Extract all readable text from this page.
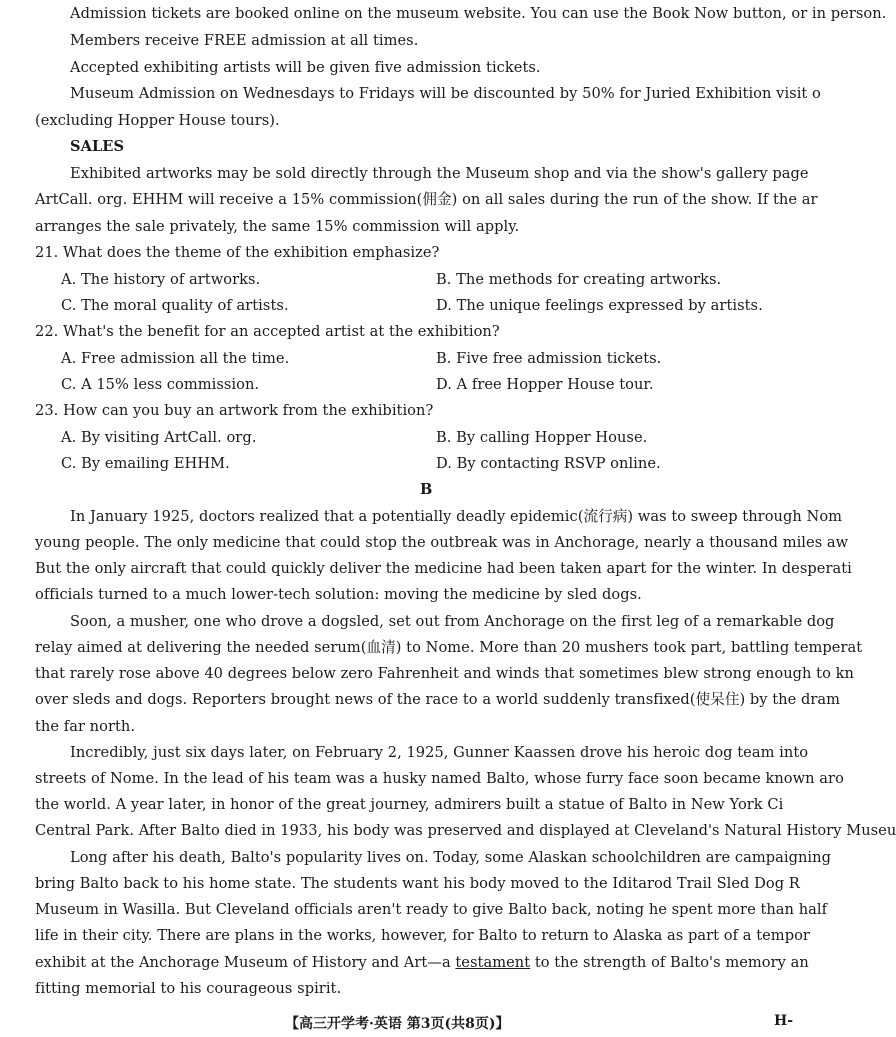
Admission tickets are booked online on the museum website. You can use the Book Now button, or in person.
Members receive FREE admission at all times.
Accepted exhibiting artists will be given five admission tickets.
Museum Admission on Wednesdays to Fridays will be discounted by 50% for Juried Exhibition visit o
(excluding Hopper House tours).
SALES
Exhibited artworks may be sold directly through the Museum shop and via the show's gallery page
ArtCall. org. EHHM will receive a 15% commission(佣金) on all sales during the run of the show. If the ar
arranges the sale privately, the same 15% commission will apply.
21. What does the theme of the exhibition emphasize?
A. The history of artworks.	B. The methods for creating artworks.
C. The moral quality of artists.	D. The unique feelings expressed by artists.
22. What's the benefit for an accepted artist at the exhibition?
A. Free admission all the time.	B. Five free admission tickets.
C. A 15% less commission.	D. A free Hopper House tour.
23. How can you buy an artwork from the exhibition?
A. By visiting ArtCall. org.	B. By calling Hopper House.
C. By emailing EHHM.	D. By contacting RSVP online.
B
In January 1925, doctors realized that a potentially deadly epidemic(流行病) was to sweep through Nom
young people. The only medicine that could stop the outbreak was in Anchorage, nearly a thousand miles aw
But the only aircraft that could quickly deliver the medicine had been taken apart for the winter. In desperati
officials turned to a much lower-tech solution: moving the medicine by sled dogs.
Soon, a musher, one who drove a dogsled, set out from Anchorage on the first leg of a remarkable dog
relay aimed at delivering the needed serum(血清) to Nome. More than 20 mushers took part, battling temperat
that rarely rose above 40 degrees below zero Fahrenheit and winds that sometimes blew strong enough to kn
over sleds and dogs. Reporters brought news of the race to a world suddenly transfixed(使呆住) by the dram
the far north.
Incredibly, just six days later, on February 2, 1925, Gunner Kaassen drove his heroic dog team into
streets of Nome. In the lead of his team was a husky named Balto, whose furry face soon became known aro
the world. A year later, in honor of the great journey, admirers built a statue of Balto in New York Ci
Central Park. After Balto died in 1933, his body was preserved and displayed at Cleveland's Natural History Museu
Long after his death, Balto's popularity lives on. Today, some Alaskan schoolchildren are campaigning
bring Balto back to his home state. The students want his body moved to the Iditarod Trail Sled Dog R
Museum in Wasilla. But Cleveland officials aren't ready to give Balto back, noting he spent more than half
life in their city. There are plans in the works, however, for Balto to return to Alaska as part of a tempor
exhibit at the Anchorage Museum of History and Art—a testament to the strength of Balto's memory an
fitting memorial to his courageous spirit.
【高三开学考·英语 第3页(共8页)】	H-
